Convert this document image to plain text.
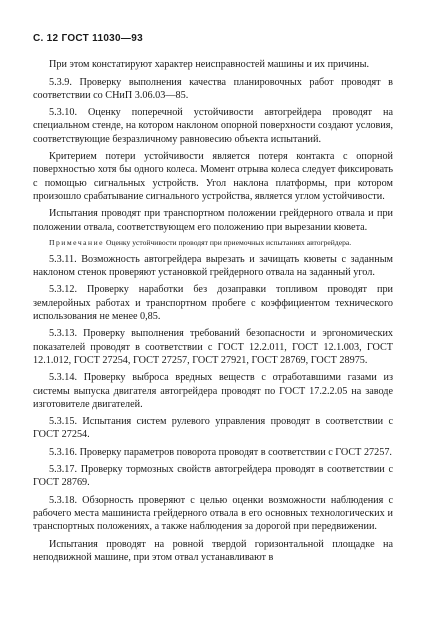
С. 12 ГОСТ 11030—93

При этом констатируют характер неисправностей машины и их причины.

5.3.9. Проверку выполнения качества планировочных работ проводят в соответствии со СНиП 3.06.03—85.

5.3.10. Оценку поперечной устойчивости автогрейдера проводят на специальном стенде, на котором наклоном опорной поверхности создают условия, соответствующие безразличному равновесию объекта испытаний.

Критерием потери устойчивости является потеря контакта с опорной поверхностью хотя бы одного колеса. Момент отрыва колеса следует фиксировать с помощью сигнальных устройств. Угол наклона платформы, при котором произошло срабатывание сигнального устройства, является углом устойчивости.

Испытания проводят при транспортном положении грейдерного отвала и при положении отвала, соответствующем его положению при вырезании кювета.

Примечание Оценку устойчивости проводят при приемочных испытаниях автогрейдера.

5.3.11. Возможность автогрейдера вырезать и зачищать кюветы с заданным наклоном стенок проверяют установкой грейдерного отвала на заданный угол.

5.3.12. Проверку наработки без дозаправки топливом проводят при землеройных работах и транспортном пробеге с коэффициентом технического использования не менее 0,85.

5.3.13. Проверку выполнения требований безопасности и эргономических показателей проводят в соответствии с ГОСТ 12.2.011, ГОСТ 12.1.003, ГОСТ 12.1.012, ГОСТ 27254, ГОСТ 27257, ГОСТ 27921, ГОСТ 28769, ГОСТ 28975.

5.3.14. Проверку выброса вредных веществ с отработавшими газами из системы выпуска двигателя автогрейдера проводят по ГОСТ 17.2.2.05 на заводе изготовителе двигателей.

5.3.15. Испытания систем рулевого управления проводят в соответствии с ГОСТ 27254.

5.3.16. Проверку параметров поворота проводят в соответствии с ГОСТ 27257.

5.3.17. Проверку тормозных свойств автогрейдера проводят в соответствии с ГОСТ 28769.

5.3.18. Обзорность проверяют с целью оценки возможности наблюдения с рабочего места машиниста грейдерного отвала в его основных технологических и транспортных положениях, а также наблюдения за дорогой при передвижении.

Испытания проводят на ровной твердой горизонтальной площадке на неподвижной машине, при этом отвал устанавливают в
